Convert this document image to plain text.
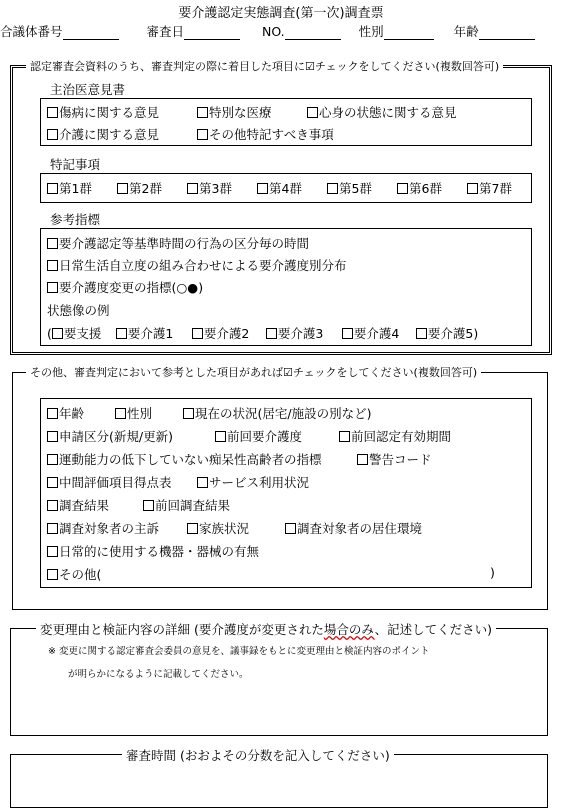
要介護認定実態調査(第一次)調査票
合議体番号	審査日	NO.	性別	年齢
認定審査会資料のうち、審査判定の際に着目した項目に☑チェックをしてください(複数回答可)
主治医意見書
傷病に関する意見	特別な医療	心身の状態に関する意見
介護に関する意見	その他特記すべき事項
特記事項
第1群	第2群	第3群	第4群	第5群	第6群	第7群
参考指標
要介護認定等基準時間の行為の区分毎の時間
日常生活自立度の組み合わせによる要介護度別分布
要介護度変更の指標(○●)
状態像の例
( 要支援 要介護1 要介護2 要介護3 要介護4 要介護5)
その他、審査判定において参考とした項目があれば☑チェックをしてください(複数回答可)
年齢	性別	現在の状況(居宅/施設の別など)
申請区分(新規/更新)	前回要介護度	前回認定有効期間
運動能力の低下していない痴呆性高齢者の指標	警告コード
中間評価項目得点表	サービス利用状況
調査結果	前回調査結果
調査対象者の主訴	家族状況	調査対象者の居住環境
日常的に使用する機器・器械の有無
その他(	)
変更理由と検証内容の詳細 (要介護度が変更された場合のみ、記述してください)
※ 変更に関する認定審査会委員の意見を、議事録をもとに変更理由と検証内容のポイント
が明らかになるように記載してください。
審査時間 (おおよその分数を記入してください)
